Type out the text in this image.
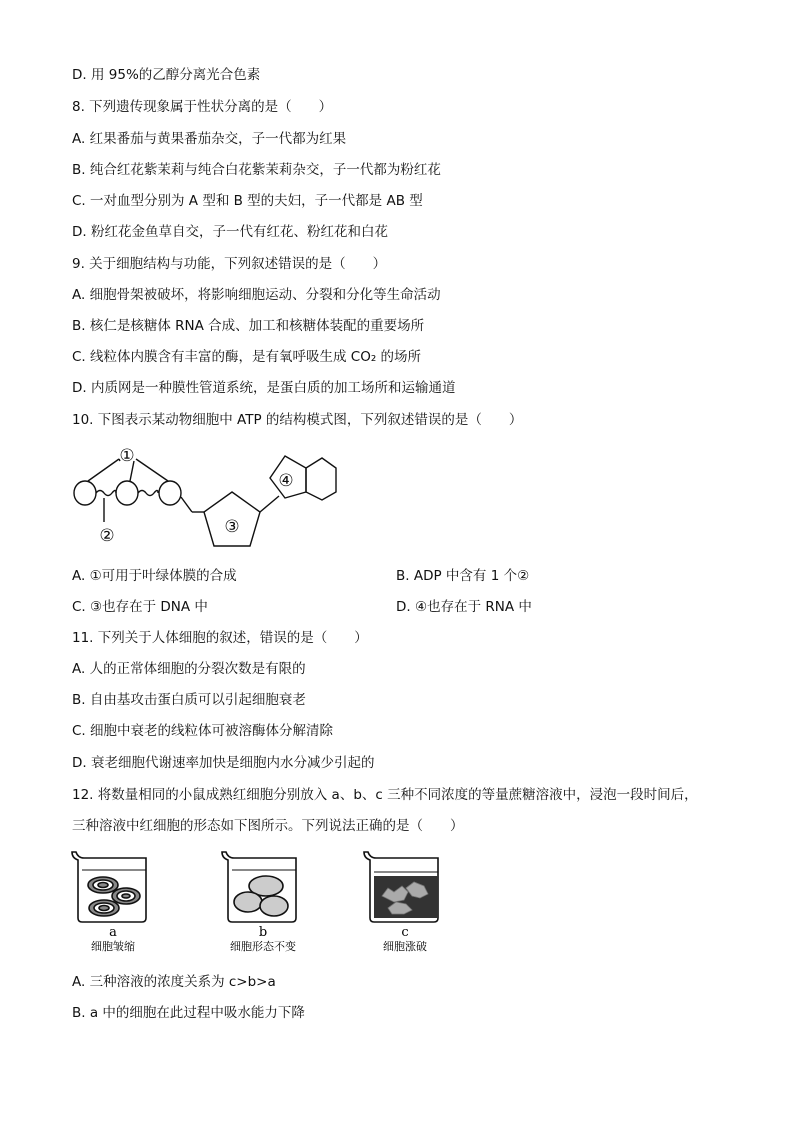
D. 用 95%的乙醇分离光合色素
8. 下列遗传现象属于性状分离的是（　　）
A. 红果番茄与黄果番茄杂交，子一代都为红果
B. 纯合红花紫茉莉与纯合白花紫茉莉杂交，子一代都为粉红花
C. 一对血型分别为 A 型和 B 型的夫妇，子一代都是 AB 型
D. 粉红花金鱼草自交，子一代有红花、粉红花和白花
9. 关于细胞结构与功能，下列叙述错误的是（　　）
A. 细胞骨架被破坏，将影响细胞运动、分裂和分化等生命活动
B. 核仁是核糖体 RNA 合成、加工和核糖体装配的重要场所
C. 线粒体内膜含有丰富的酶，是有氧呼吸生成 CO₂ 的场所
D. 内质网是一种膜性管道系统，是蛋白质的加工场所和运输通道
10. 下图表示某动物细胞中 ATP 的结构模式图，下列叙述错误的是（　　）
①
②	③
④
A. ①可用于叶绿体膜的合成	B. ADP 中含有 1 个②
C. ③也存在于 DNA 中	D. ④也存在于 RNA 中
11. 下列关于人体细胞的叙述，错误的是（　　）
A. 人的正常体细胞的分裂次数是有限的
B. 自由基攻击蛋白质可以引起细胞衰老
C. 细胞中衰老的线粒体可被溶酶体分解清除
D. 衰老细胞代谢速率加快是细胞内水分减少引起的
12. 将数量相同的小鼠成熟红细胞分别放入 a、b、c 三种不同浓度的等量蔗糖溶液中，浸泡一段时间后，
三种溶液中红细胞的形态如下图所示。下列说法正确的是（　　）
a
细胞皱缩
b
细胞形态不变
c
细胞涨破
A. 三种溶液的浓度关系为 c>b>a
B. a 中的细胞在此过程中吸水能力下降
